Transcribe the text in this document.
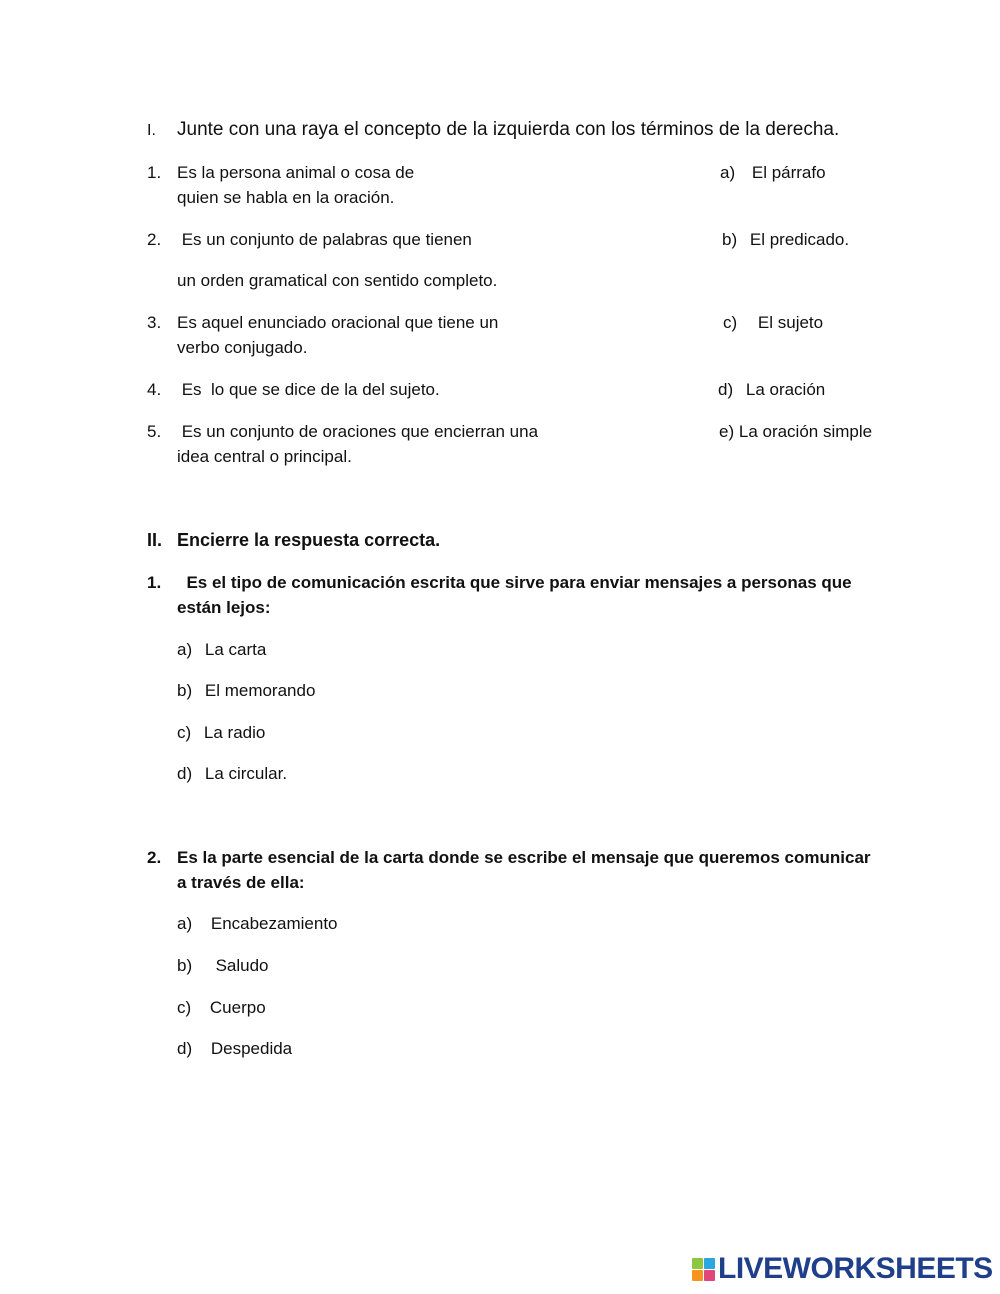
I. Junte con una raya el concepto de la izquierda con los términos de la derecha.
1. Es la persona animal o cosa de
quien se habla en la oración.
2. Es un conjunto de palabras que tienen
un orden gramatical con sentido completo.
3. Es aquel enunciado oracional que tiene un
verbo conjugado.
4. Es  lo que se dice de la del sujeto.
5. Es un conjunto de oraciones que encierran una
idea central o principal.
a) El párrafo
b) El predicado.
c) El sujeto
d) La oración
e) La oración simple
II. Encierre la respuesta correcta.
1. Es el tipo de comunicación escrita que sirve para enviar mensajes a personas que
están lejos:
a) La carta
b) El memorando
c) La radio
d) La circular.
2. Es la parte esencial de la carta donde se escribe el mensaje que queremos comunicar
a través de ella:
a) Encabezamiento
b)  Saludo
c) Cuerpo
d) Despedida
LIVEWORKSHEETS
